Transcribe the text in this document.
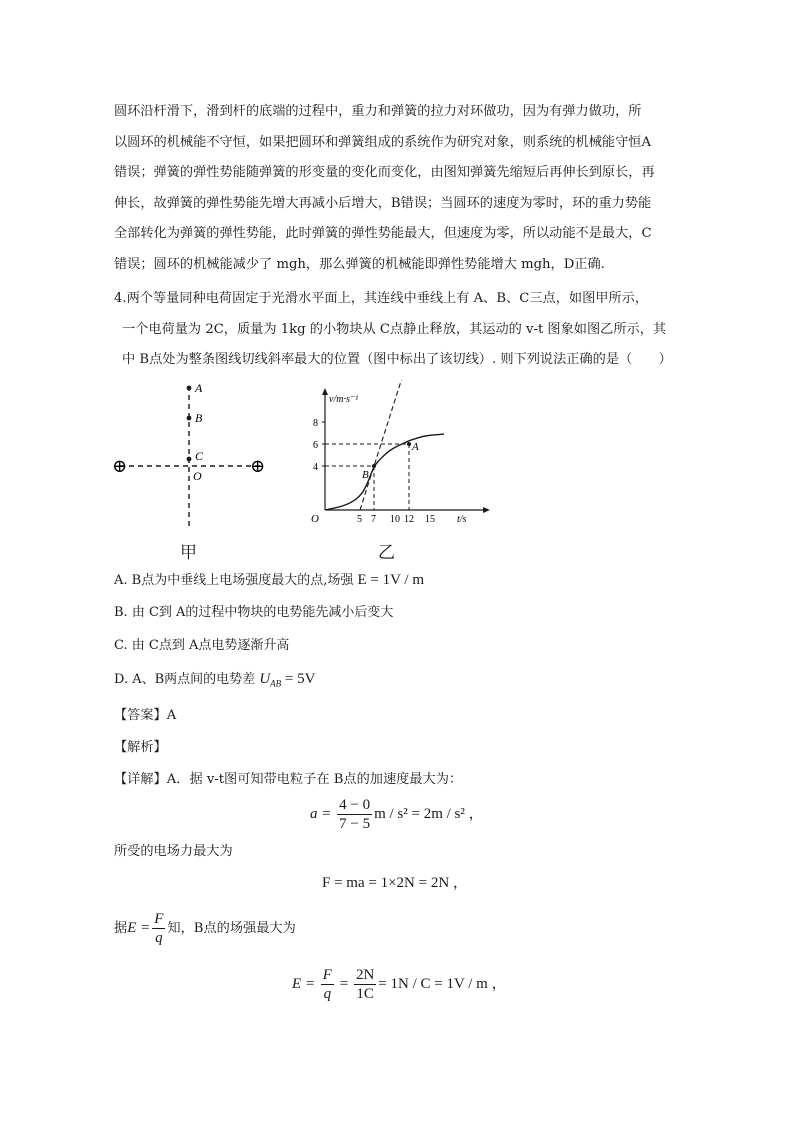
圆环沿杆滑下，滑到杆的底端的过程中，重力和弹簧的拉力对环做功，因为有弹力做功，所
以圆环的机械能不守恒，如果把圆环和弹簧组成的系统作为研究对象，则系统的机械能守恒A
错误；弹簧的弹性势能随弹簧的形变量的变化而变化，由图知弹簧先缩短后再伸长到原长，再
伸长，故弹簧的弹性势能先增大再减小后增大，B错误；当圆环的速度为零时，环的重力势能
全部转化为弹簧的弹性势能，此时弹簧的弹性势能最大，但速度为零，所以动能不是最大，C
错误；圆环的机械能减少了 mgh，那么弹簧的机械能即弹性势能增大 mgh，D正确.
4.两个等量同种电荷固定于光滑水平面上，其连线中垂线上有 A、B、C三点，如图甲所示，
一个电荷量为 2C，质量为 1kg 的小物块从 C点静止释放，其运动的 v-t 图象如图乙所示，其
中 B点处为整条图线切线斜率最大的位置（图中标出了该切线）. 则下列说法正确的是（　　）
A
B
C
O
⊕	⊕
甲
v/m·s⁻¹
t/s
O	5 7 10 12 15
4
6
8
B
A
乙
A. B点为中垂线上电场强度最大的点,场强 E = 1V / m
B. 由 C到 A的过程中物块的电势能先减小后变大
C. 由 C点到 A点电势逐渐升高
D. A、B两点间的电势差 $U_{AB} = 5V$
【答案】A
【解析】
【详解】A．据 v-t图可知带电粒子在 B点的加速度最大为：
$a = \frac{4 - 0}{7 - 5}$ m / s² = 2m / s² ，
所受的电场力最大为
F = ma = 1×2N = 2N ，
据$E = \frac{F}{q}$ 知，B点的场强最大为
$E = \frac{F}{q} = \frac{2N}{1C} = 1N / C = 1V / m$ ，
